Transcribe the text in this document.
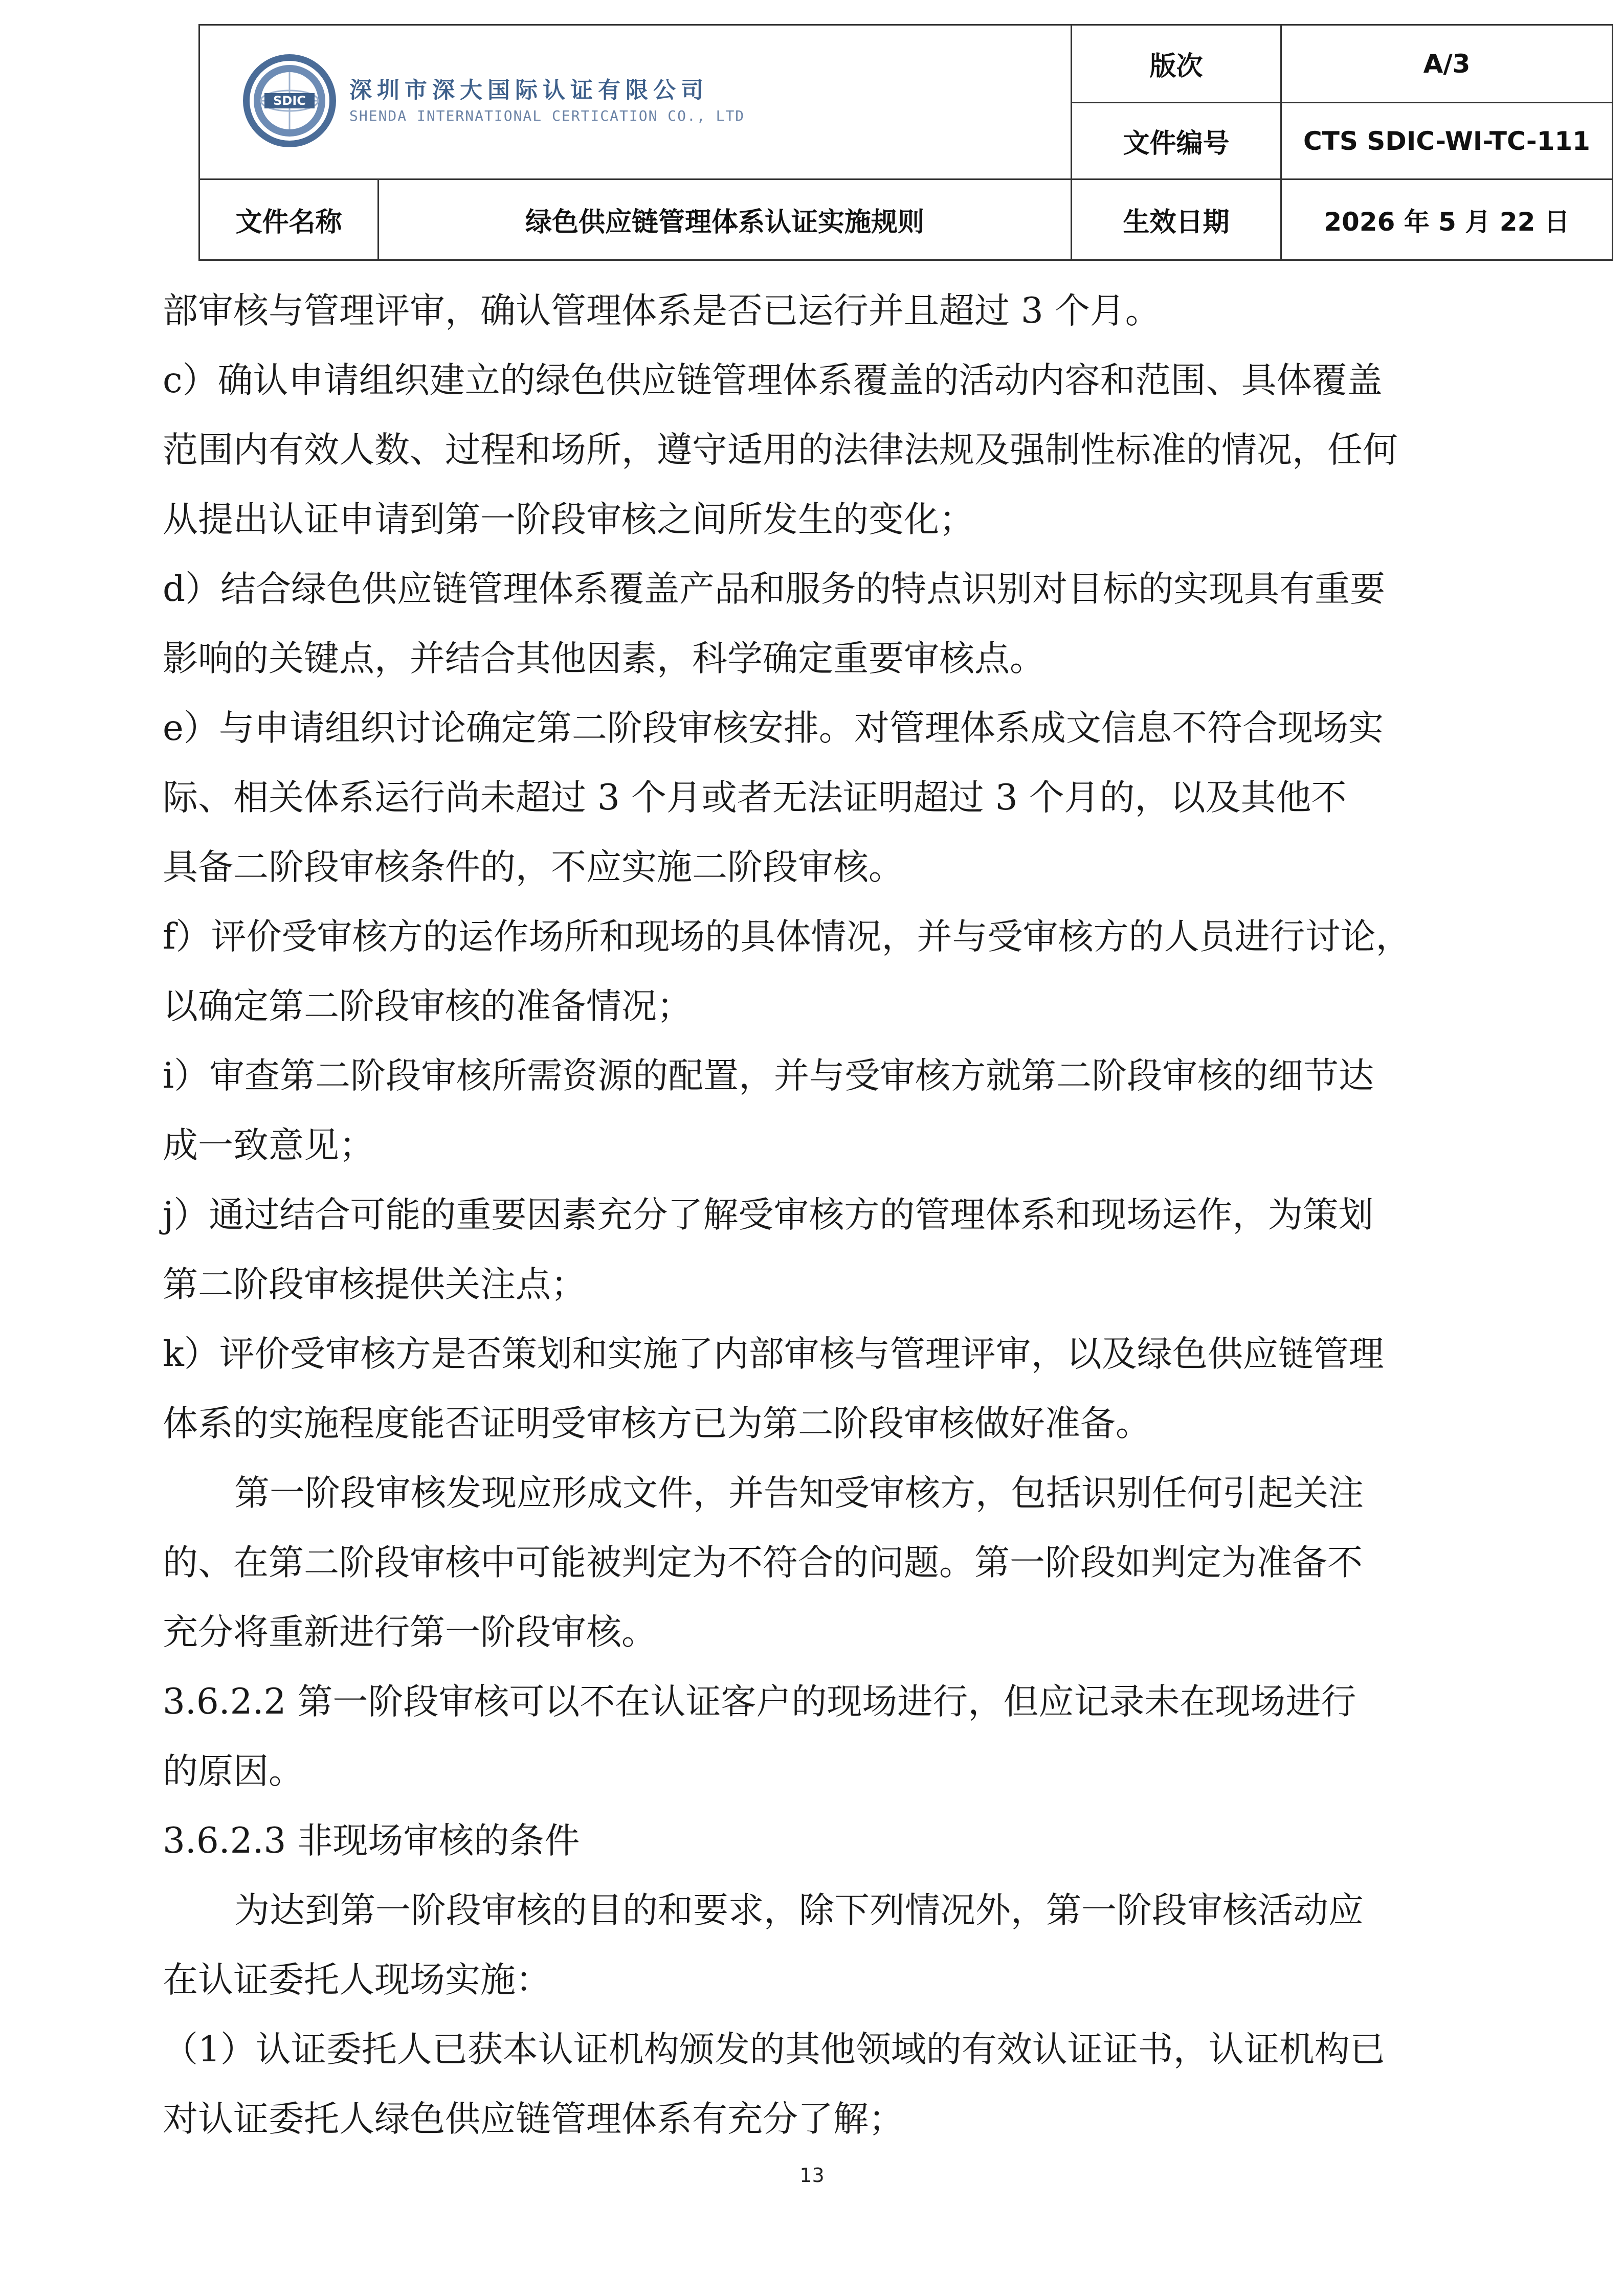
SDIC 深圳市深大国际认证有限公司
SHENDA INTERNATIONAL CERTICATION CO., LTD		版次	A/3
		文件编号	CTS SDIC-WI-TC-111
文件名称	绿色供应链管理体系认证实施规则	生效日期	2026 年 5 月 22 日

部审核与管理评审，确认管理体系是否已运行并且超过 3 个月。

c）确认申请组织建立的绿色供应链管理体系覆盖的活动内容和范围、具体覆盖

范围内有效人数、过程和场所，遵守适用的法律法规及强制性标准的情况，任何

从提出认证申请到第一阶段审核之间所发生的变化；

d）结合绿色供应链管理体系覆盖产品和服务的特点识别对目标的实现具有重要

影响的关键点，并结合其他因素，科学确定重要审核点。

e）与申请组织讨论确定第二阶段审核安排。对管理体系成文信息不符合现场实

际、相关体系运行尚未超过 3 个月或者无法证明超过 3 个月的，以及其他不

具备二阶段审核条件的，不应实施二阶段审核。

f）评价受审核方的运作场所和现场的具体情况，并与受审核方的人员进行讨论，

以确定第二阶段审核的准备情况；

i）审查第二阶段审核所需资源的配置，并与受审核方就第二阶段审核的细节达

成一致意见；

j）通过结合可能的重要因素充分了解受审核方的管理体系和现场运作，为策划

第二阶段审核提供关注点；

k）评价受审核方是否策划和实施了内部审核与管理评审，以及绿色供应链管理

体系的实施程度能否证明受审核方已为第二阶段审核做好准备。

第一阶段审核发现应形成文件，并告知受审核方，包括识别任何引起关注

的、在第二阶段审核中可能被判定为不符合的问题。第一阶段如判定为准备不

充分将重新进行第一阶段审核。

3.6.2.2 第一阶段审核可以不在认证客户的现场进行，但应记录未在现场进行

的原因。

3.6.2.3 非现场审核的条件

为达到第一阶段审核的目的和要求，除下列情况外，第一阶段审核活动应

在认证委托人现场实施：

（1）认证委托人已获本认证机构颁发的其他领域的有效认证证书，认证机构已

对认证委托人绿色供应链管理体系有充分了解；

13
